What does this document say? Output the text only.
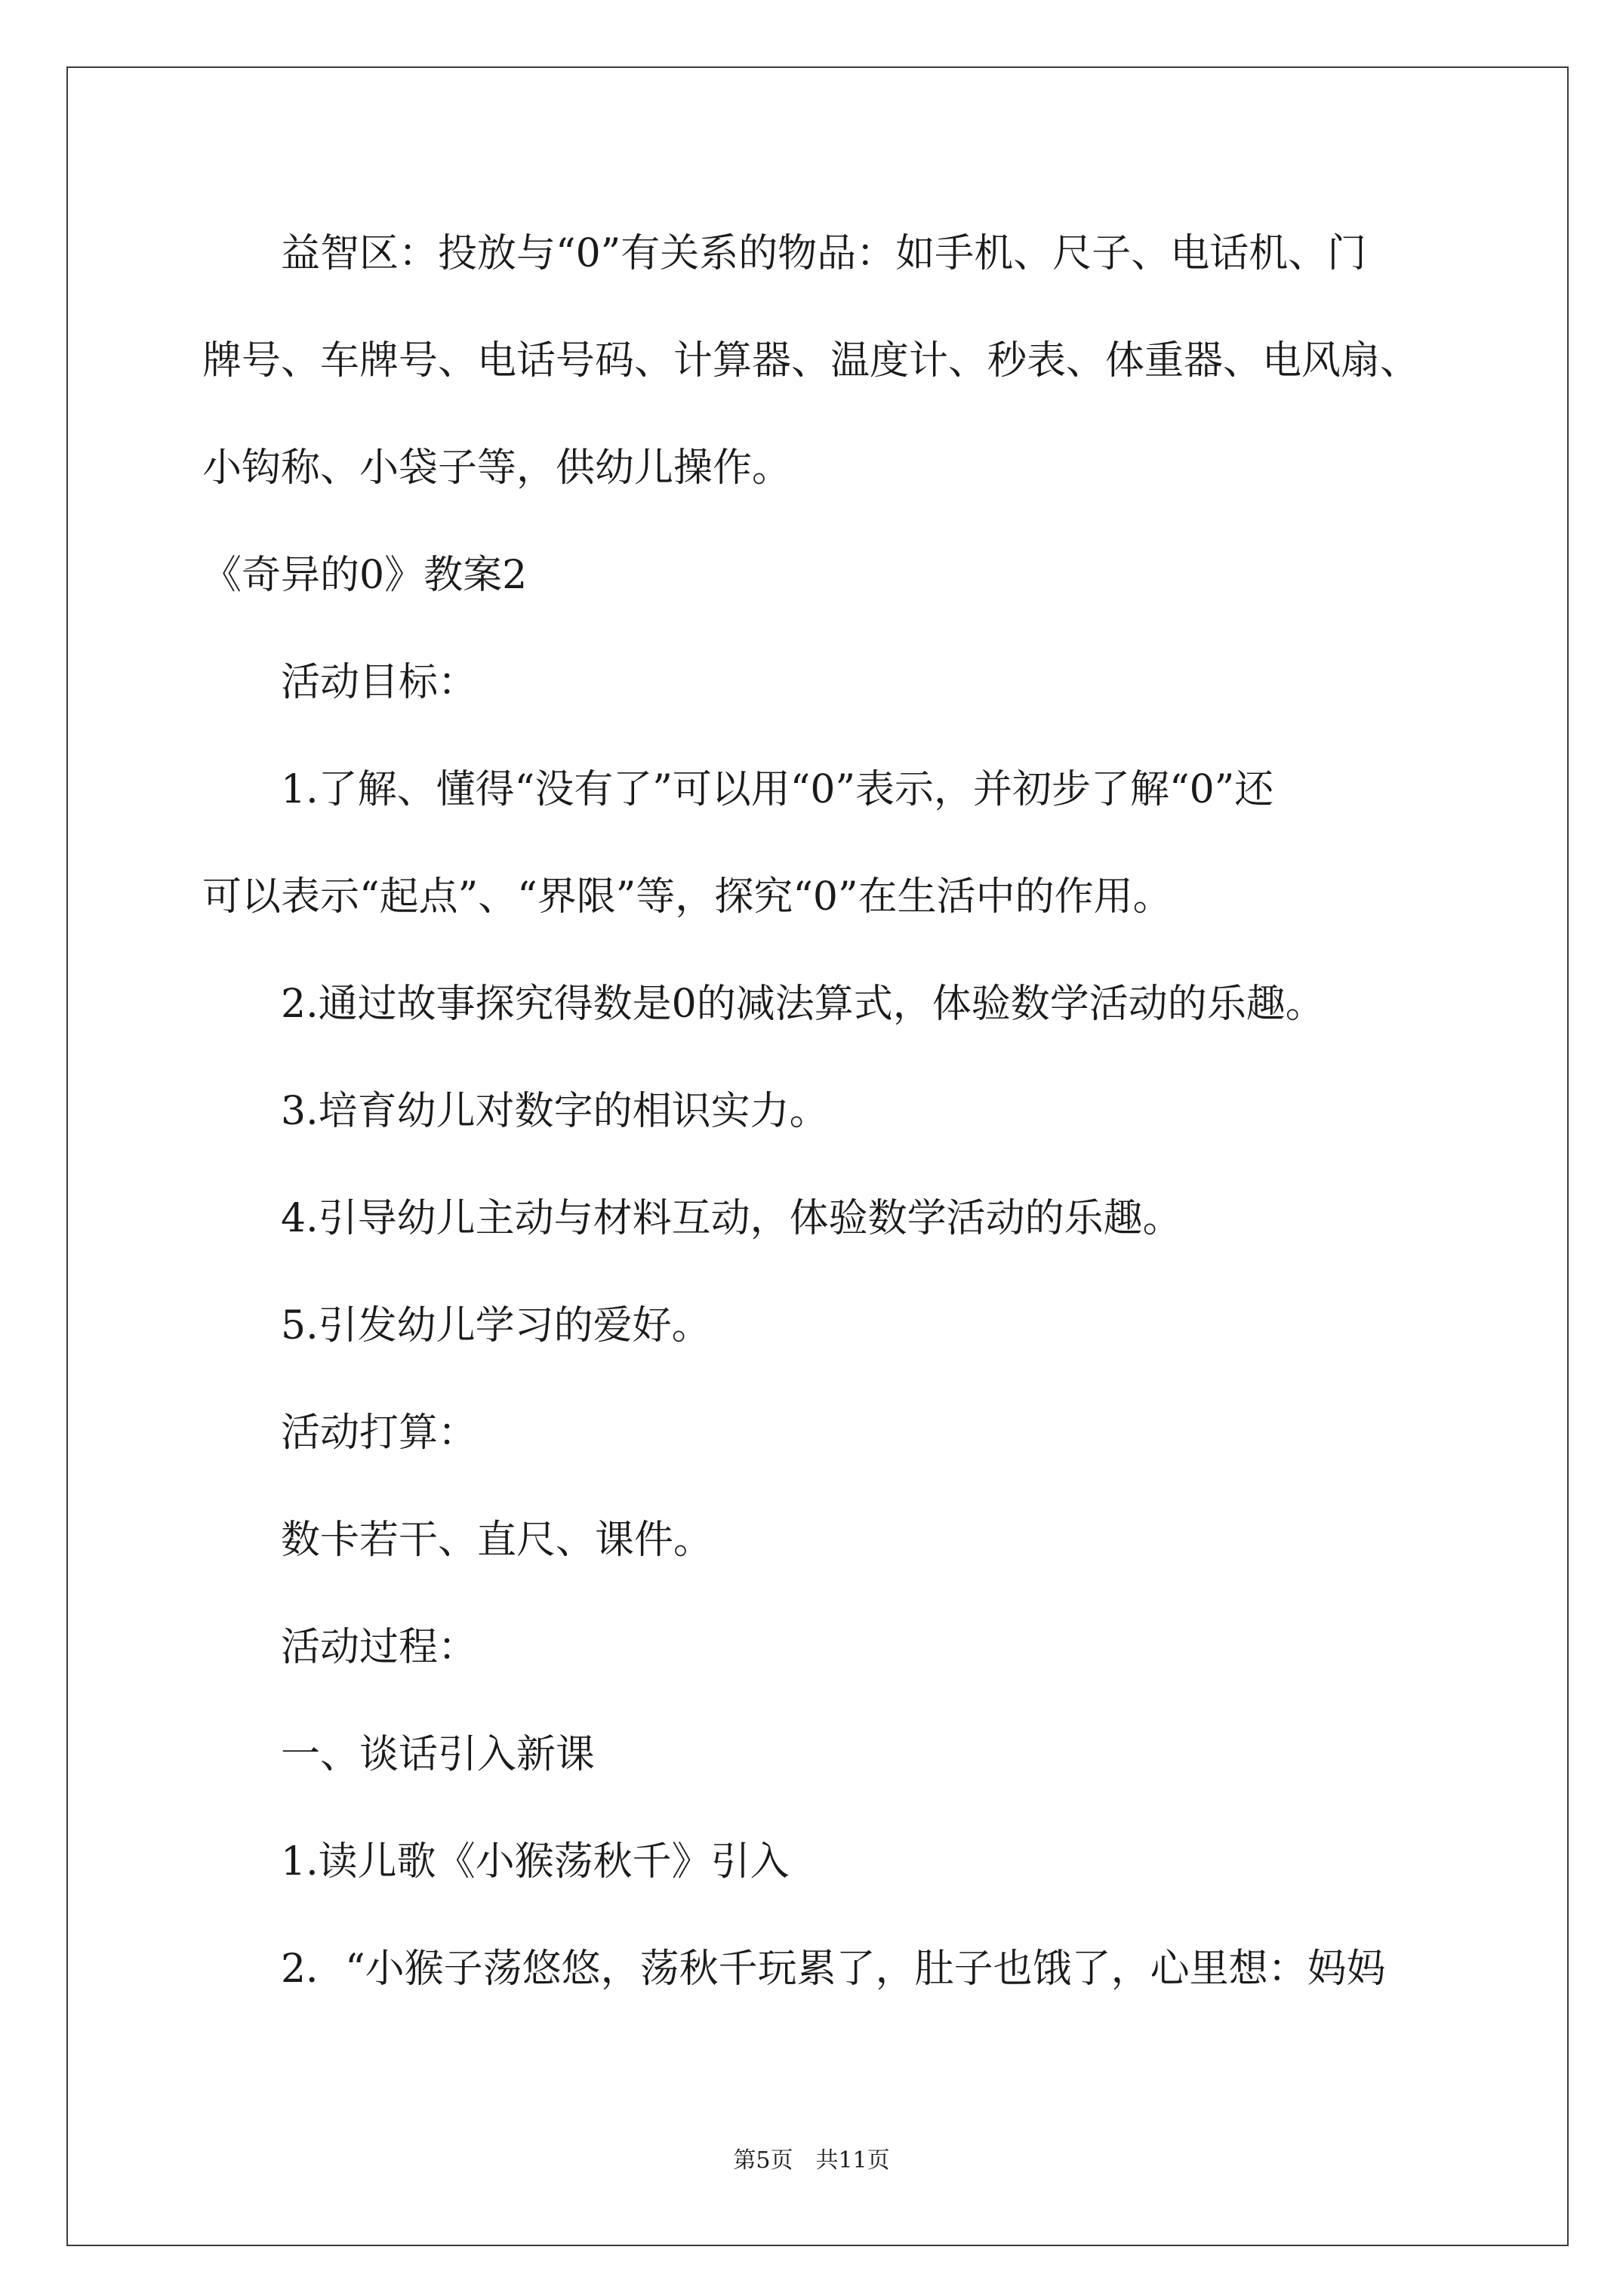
益智区：投放与“0”有关系的物品：如手机、尺子、电话机、门
牌号、车牌号、电话号码、计算器、温度计、秒表、体重器、电风扇、
小钩称、小袋子等，供幼儿操作。
《奇异的0》教案2
活动目标：
1.了解、懂得“没有了”可以用“0”表示，并初步了解“0”还
可以表示“起点”、“界限”等，探究“0”在生活中的作用。
2.通过故事探究得数是0的减法算式，体验数学活动的乐趣。
3.培育幼儿对数字的相识实力。
4.引导幼儿主动与材料互动，体验数学活动的乐趣。
5.引发幼儿学习的爱好。
活动打算：
数卡若干、直尺、课件。
活动过程：
一、谈话引入新课
1.读儿歌《小猴荡秋千》引入
2．“小猴子荡悠悠，荡秋千玩累了，肚子也饿了，心里想：妈妈
第5页　共11页
